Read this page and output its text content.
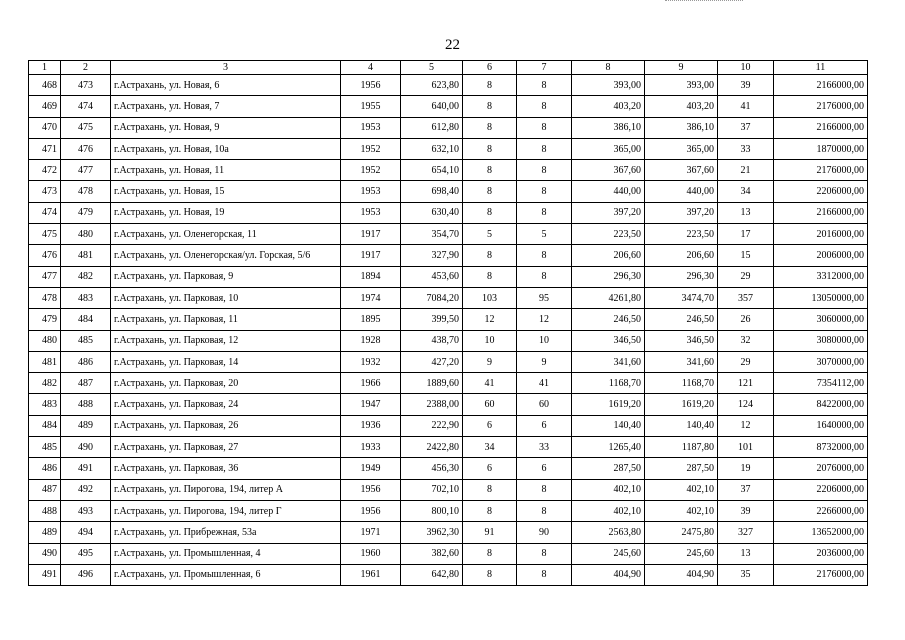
22
1	2	3	4	5	6	7	8	9	10	11
468	473	г.Астрахань, ул. Новая, 6	1956	623,80	8	8	393,00	393,00	39	2166000,00
469	474	г.Астрахань, ул. Новая, 7	1955	640,00	8	8	403,20	403,20	41	2176000,00
470	475	г.Астрахань, ул. Новая, 9	1953	612,80	8	8	386,10	386,10	37	2166000,00
471	476	г.Астрахань, ул. Новая, 10а	1952	632,10	8	8	365,00	365,00	33	1870000,00
472	477	г.Астрахань, ул. Новая, 11	1952	654,10	8	8	367,60	367,60	21	2176000,00
473	478	г.Астрахань, ул. Новая, 15	1953	698,40	8	8	440,00	440,00	34	2206000,00
474	479	г.Астрахань, ул. Новая, 19	1953	630,40	8	8	397,20	397,20	13	2166000,00
475	480	г.Астрахань, ул. Оленегорская, 11	1917	354,70	5	5	223,50	223,50	17	2016000,00
476	481	г.Астрахань, ул. Оленегорская/ул. Горская, 5/6	1917	327,90	8	8	206,60	206,60	15	2006000,00
477	482	г.Астрахань, ул. Парковая, 9	1894	453,60	8	8	296,30	296,30	29	3312000,00
478	483	г.Астрахань, ул. Парковая, 10	1974	7084,20	103	95	4261,80	3474,70	357	13050000,00
479	484	г.Астрахань, ул. Парковая, 11	1895	399,50	12	12	246,50	246,50	26	3060000,00
480	485	г.Астрахань, ул. Парковая, 12	1928	438,70	10	10	346,50	346,50	32	3080000,00
481	486	г.Астрахань, ул. Парковая, 14	1932	427,20	9	9	341,60	341,60	29	3070000,00
482	487	г.Астрахань, ул. Парковая, 20	1966	1889,60	41	41	1168,70	1168,70	121	7354112,00
483	488	г.Астрахань, ул. Парковая, 24	1947	2388,00	60	60	1619,20	1619,20	124	8422000,00
484	489	г.Астрахань, ул. Парковая, 26	1936	222,90	6	6	140,40	140,40	12	1640000,00
485	490	г.Астрахань, ул. Парковая, 27	1933	2422,80	34	33	1265,40	1187,80	101	8732000,00
486	491	г.Астрахань, ул. Парковая, 36	1949	456,30	6	6	287,50	287,50	19	2076000,00
487	492	г.Астрахань, ул. Пирогова, 194, литер А	1956	702,10	8	8	402,10	402,10	37	2206000,00
488	493	г.Астрахань, ул. Пирогова, 194, литер Г	1956	800,10	8	8	402,10	402,10	39	2266000,00
489	494	г.Астрахань, ул. Прибрежная, 53а	1971	3962,30	91	90	2563,80	2475,80	327	13652000,00
490	495	г.Астрахань, ул. Промышленная, 4	1960	382,60	8	8	245,60	245,60	13	2036000,00
491	496	г.Астрахань, ул. Промышленная, 6	1961	642,80	8	8	404,90	404,90	35	2176000,00
